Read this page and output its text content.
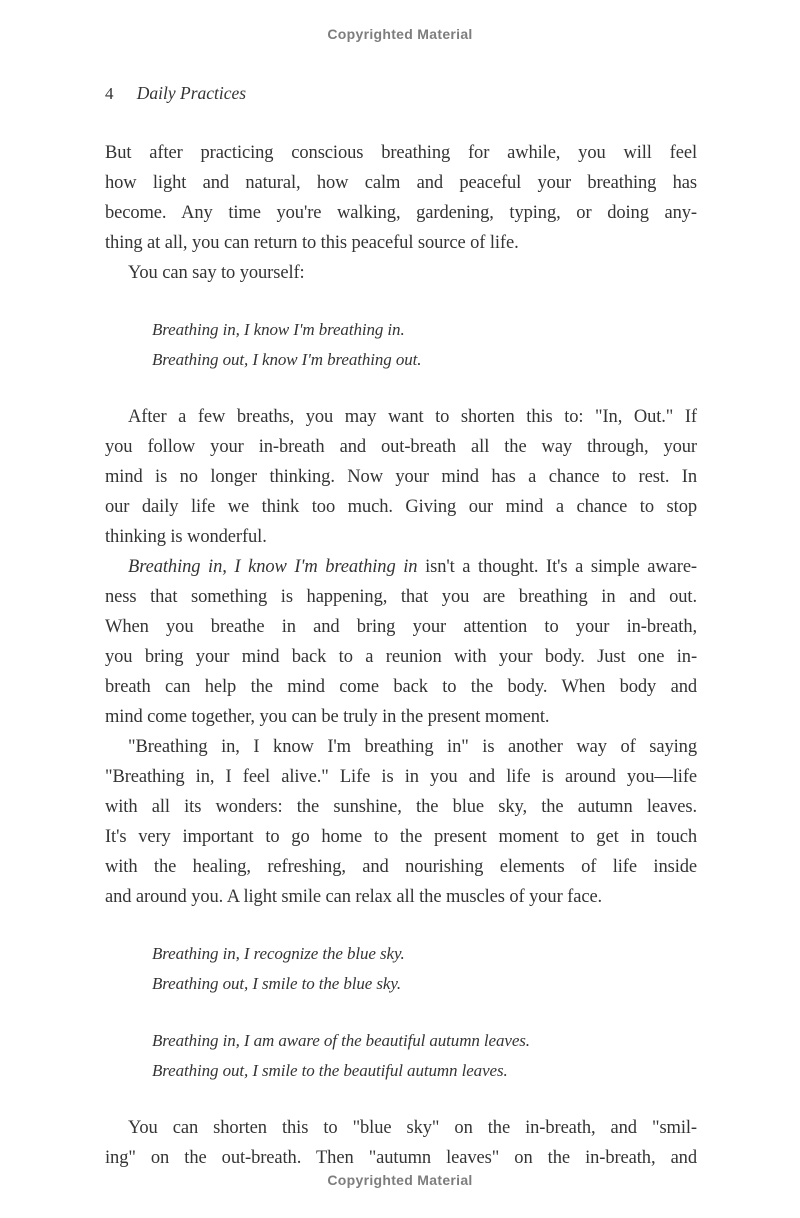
Copyrighted Material
4 Daily Practices
But after practicing conscious breathing for awhile, you will feel
how light and natural, how calm and peaceful your breathing has
become. Any time you're walking, gardening, typing, or doing any-
thing at all, you can return to this peaceful source of life.
You can say to yourself:
Breathing in, I know I'm breathing in.
Breathing out, I know I'm breathing out.
After a few breaths, you may want to shorten this to: "In, Out." If
you follow your in-breath and out-breath all the way through, your
mind is no longer thinking. Now your mind has a chance to rest. In
our daily life we think too much. Giving our mind a chance to stop
thinking is wonderful.
Breathing in, I know I'm breathing in isn't a thought. It's a simple aware-
ness that something is happening, that you are breathing in and out.
When you breathe in and bring your attention to your in-breath,
you bring your mind back to a reunion with your body. Just one in-
breath can help the mind come back to the body. When body and
mind come together, you can be truly in the present moment.
"Breathing in, I know I'm breathing in" is another way of saying
"Breathing in, I feel alive." Life is in you and life is around you—life
with all its wonders: the sunshine, the blue sky, the autumn leaves.
It's very important to go home to the present moment to get in touch
with the healing, refreshing, and nourishing elements of life inside
and around you. A light smile can relax all the muscles of your face.
Breathing in, I recognize the blue sky.
Breathing out, I smile to the blue sky.
Breathing in, I am aware of the beautiful autumn leaves.
Breathing out, I smile to the beautiful autumn leaves.
You can shorten this to "blue sky" on the in-breath, and "smil-
ing" on the out-breath. Then "autumn leaves" on the in-breath, and
Copyrighted Material
